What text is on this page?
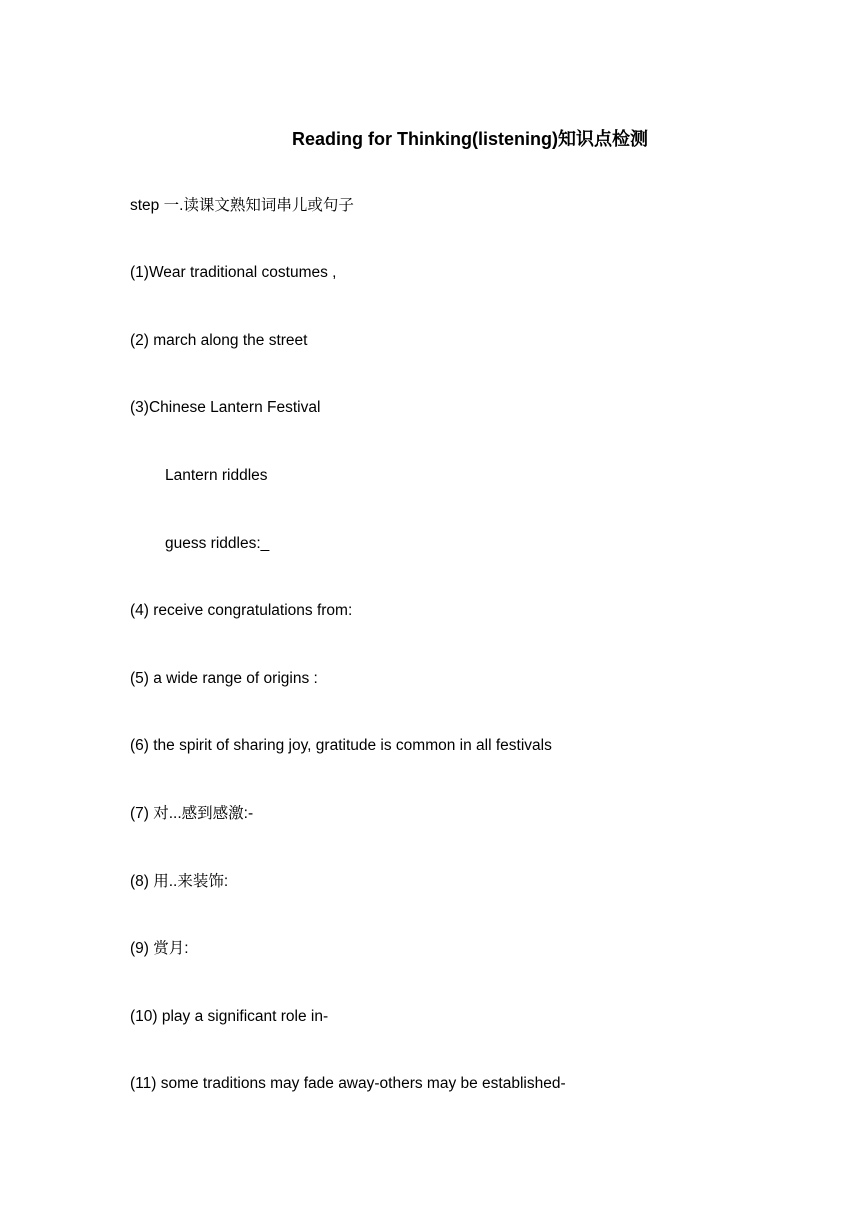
Reading for Thinking(listening)知识点检测
step 一.读课文熟知词串儿或句子
(1)Wear traditional costumes ,
(2) march along the street
(3)Chinese Lantern Festival
Lantern riddles
guess riddles:_
(4) receive congratulations from:
(5) a wide range of origins :
(6) the spirit of sharing joy, gratitude is common in all festivals
(7) 对...感到感激:-
(8) 用..来装饰:
(9) 赏月:
(10) play a significant role in-
(11) some traditions may fade away-others may be established-
